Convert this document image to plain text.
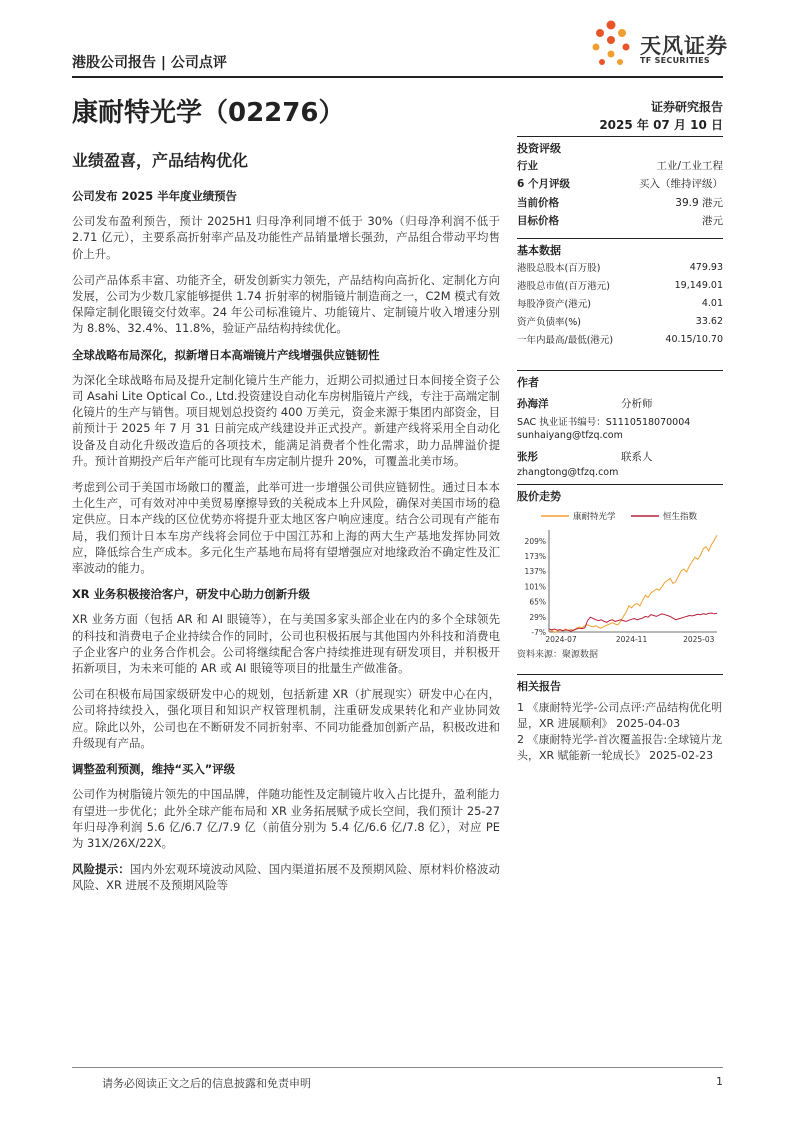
港股公司报告 | 公司点评
天风证券
TF SECURITIES
康耐特光学（02276）	证券研究报告
2025 年 07 月 10 日
业绩盈喜，产品结构优化
公司发布 2025 半年度业绩预告

公司发布盈利预告，预计 2025H1 归母净利同增不低于 30%（归母净利润不低于 2.71 亿元），主要系高折射率产品及功能性产品销量增长强劲，产品组合带动平均售价上升。

公司产品体系丰富、功能齐全，研发创新实力领先，产品结构向高折化、定制化方向发展，公司为少数几家能够提供 1.74 折射率的树脂镜片制造商之一，C2M 模式有效保障定制化眼镜交付效率。24 年公司标准镜片、功能镜片、定制镜片收入增速分别为 8.8%、32.4%、11.8%，验证产品结构持续优化。

全球战略布局深化，拟新增日本高端镜片产线增强供应链韧性

为深化全球战略布局及提升定制化镜片生产能力，近期公司拟通过日本间接全资子公司 Asahi Lite Optical Co., Ltd.投资建设自动化车房树脂镜片产线，专注于高端定制化镜片的生产与销售。项目规划总投资约 400 万美元，资金来源于集团内部资金，目前预计于 2025 年 7 月 31 日前完成产线建设并正式投产。新建产线将采用全自动化设备及自动化升级改造后的各项技术，能满足消费者个性化需求，助力品牌溢价提升。预计首期投产后年产能可比现有车房定制片提升 20%，可覆盖北美市场。

考虑到公司于美国市场敞口的覆盖，此举可进一步增强公司供应链韧性。通过日本本土化生产，可有效对冲中美贸易摩擦导致的关税成本上升风险，确保对美国市场的稳定供应。日本产线的区位优势亦将提升亚太地区客户响应速度。结合公司现有产能布局，我们预计日本车房产线将会同位于中国江苏和上海的两大生产基地发挥协同效应，降低综合生产成本。多元化生产基地布局将有望增强应对地缘政治不确定性及汇率波动的能力。

XR 业务积极接洽客户，研发中心助力创新升级

XR 业务方面（包括 AR 和 AI 眼镜等），在与美国多家头部企业在内的多个全球领先的科技和消费电子企业持续合作的同时，公司也积极拓展与其他国内外科技和消费电子企业客户的业务合作机会。公司将继续配合客户持续推进现有研发项目，并积极开拓新项目，为未来可能的 AR 或 AI 眼镜等项目的批量生产做准备。

公司在积极布局国家级研发中心的规划，包括新建 XR（扩展现实）研发中心在内，公司将持续投入，强化项目和知识产权管理机制，注重研发成果转化和产业协同效应。除此以外，公司也在不断研发不同折射率、不同功能叠加创新产品，积极改进和升级现有产品。

调整盈利预测，维持“买入”评级

公司作为树脂镜片领先的中国品牌，伴随功能性及定制镜片收入占比提升，盈利能力有望进一步优化；此外全球产能布局和 XR 业务拓展赋予成长空间，我们预计 25-27 年归母净利润 5.6 亿/6.7 亿/7.9 亿（前值分别为 5.4 亿/6.6 亿/7.8 亿），对应 PE 为 31X/26X/22X。

风险提示：国内外宏观环境波动风险、国内渠道拓展不及预期风险、原材料价格波动风险、XR 进展不及预期风险等

投资评级
行业	工业/工业工程
6 个月评级	买入（维持评级）
当前价格	39.9 港元
目标价格	港元
基本数据
港股总股本(百万股)	479.93
港股总市值(百万港元)	19,149.01
每股净资产(港元)	4.01
资产负债率(%)	33.62
一年内最高/最低(港元)	40.15/10.70
作者
孙海洋	分析师
SAC 执业证书编号：S1110518070004
sunhaiyang@tfzq.com
张彤	联系人
zhangtong@tfzq.com
股价走势
康耐特光学	恒生指数
209%
173%
137%
101%
65%
29%
-7%
2024-07	2024-11	2025-03
资料来源：聚源数据
相关报告

1 《康耐特光学-公司点评:产品结构优化明显，XR 进展顺利》 2025-04-03

2 《康耐特光学-首次覆盖报告:全球镜片龙头，XR 赋能新一轮成长》 2025-02-23

请务必阅读正文之后的信息披露和免责申明	1
